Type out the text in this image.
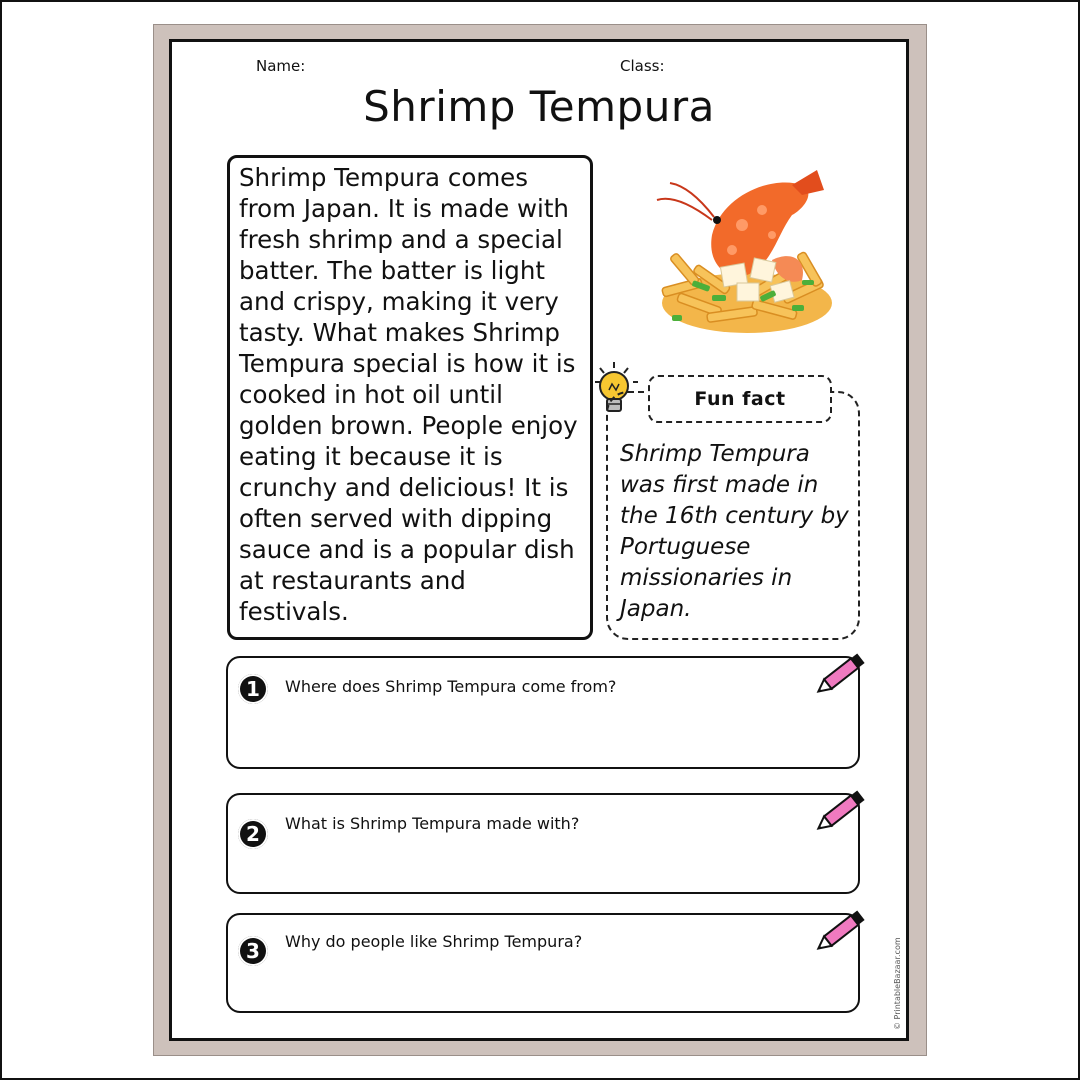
Name:	Class:
Shrimp Tempura
Shrimp Tempura comes from Japan. It is made with fresh shrimp and a special batter. The batter is light and crispy, making it very tasty. What makes Shrimp Tempura special is how it is cooked in hot oil until golden brown. People enjoy eating it because it is crunchy and delicious! It is often served with dipping sauce and is a popular dish at restaurants and festivals.
Shrimp Tempura was first made in the 16th century by Portuguese missionaries in Japan.
Fun fact
1	Where does Shrimp Tempura come from?
2	What is Shrimp Tempura made with?
3	Why do people like Shrimp Tempura?	© PrintableBazaar.com
